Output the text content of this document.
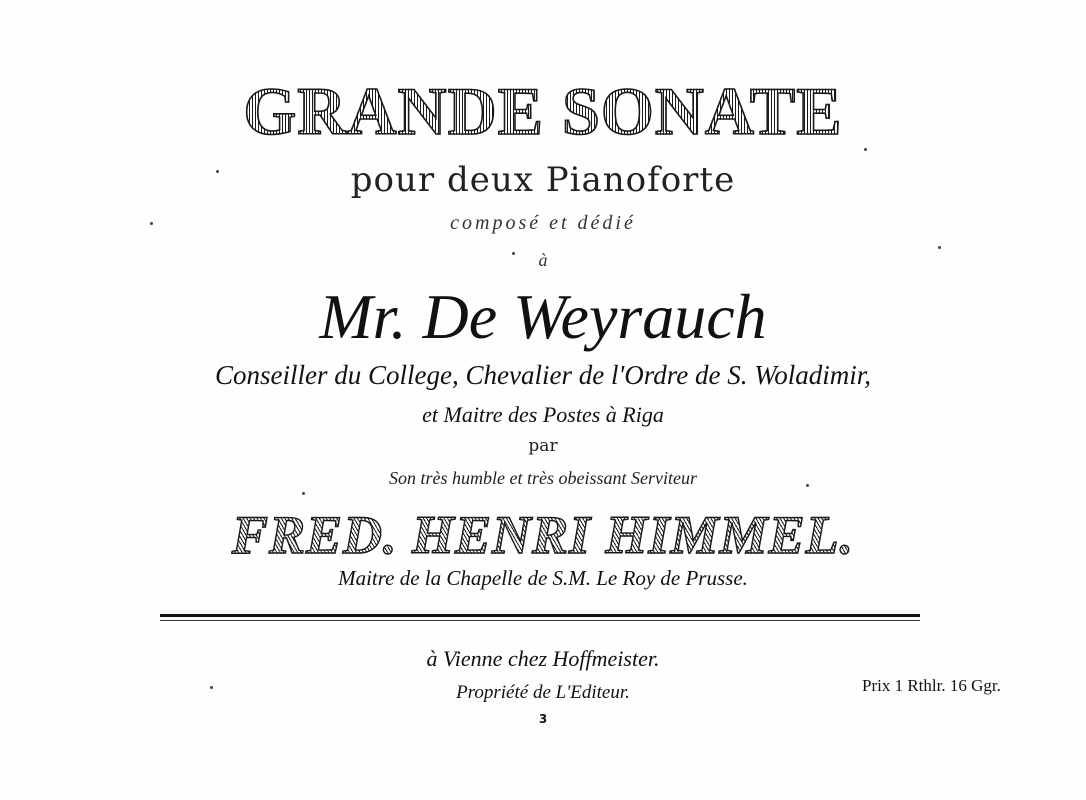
GRANDE SONATE
pour deux Pianoforte
composé et dédié
à
Mr. De Weyrauch
Conseiller du College, Chevalier de l'Ordre de S. Woladimir,
et Maitre des Postes à Riga
par
Son très humble et très obeissant Serviteur
FRED. HENRI HIMMEL.
Maitre de la Chapelle de S.M. Le Roy de Prusse.
à Vienne chez Hoffmeister.
Propriété de L'Editeur.
3
Prix 1 Rthlr. 16 Ggr.
